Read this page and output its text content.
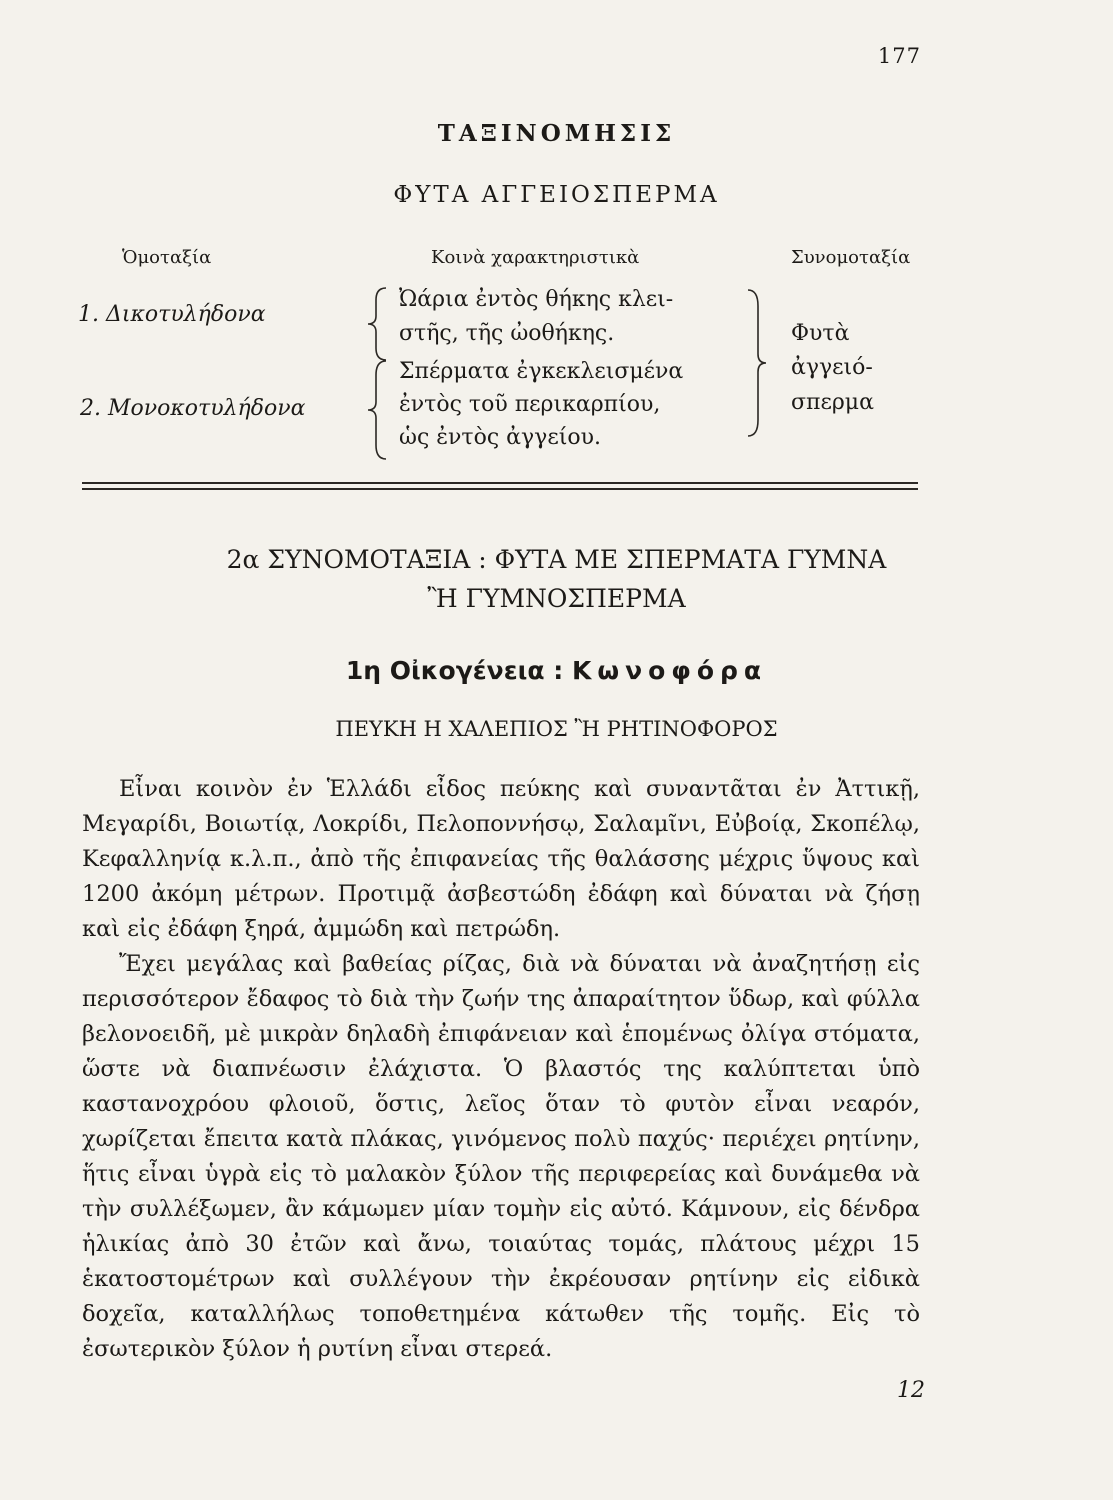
177
ΤΑΞΙΝΟΜΗΣΙΣ
ΦΥΤΑ ΑΓΓΕΙΟΣΠΕΡΜΑ
Ὁμοταξία	Κοινὰ χαρακτηριστικὰ	Συνομοταξία
1. Δικοτυλήδονα
2. Μονοκοτυλήδονα
Ὠάρια ἐντὸς θήκης κλει-
στῆς, τῆς ὠοθήκης.
Σπέρματα ἐγκεκλεισμένα
ἐντὸς τοῦ περικαρπίου,
ὡς ἐντὸς ἀγγείου.
Φυτὰ
ἀγγειό-
σπερμα
2α ΣΥΝΟΜΟΤΑΞΙΑ : ΦΥΤΑ ΜΕ ΣΠΕΡΜΑΤΑ ΓΥΜΝΑ
Ἢ ΓΥΜΝΟΣΠΕΡΜΑ
1η Οἰκογένεια : Κωνοφόρα
ΠΕΥΚΗ Η ΧΑΛΕΠΙΟΣ Ἢ ΡΗΤΙΝΟΦΟΡΟΣ

Εἶναι κοινὸν ἐν Ἑλλάδι εἶδος πεύκης καὶ συναντᾶται ἐν Ἀττικῇ, Μεγαρίδι, Βοιωτίᾳ, Λοκρίδι, Πελοποννήσῳ, Σαλαμῖνι, Εὐβοίᾳ, Σκοπέλῳ, Κεφαλληνίᾳ κ.λ.π., ἀπὸ τῆς ἐπιφανείας τῆς θαλάσσης μέχρις ὕψους καὶ 1200 ἀκόμη μέτρων. Προτιμᾷ ἀσβεστώδη ἐδάφη καὶ δύναται νὰ ζήσῃ καὶ εἰς ἐδάφη ξηρά, ἀμμώδη καὶ πετρώδη.

Ἔχει μεγάλας καὶ βαθείας ρίζας, διὰ νὰ δύναται νὰ ἀναζητήσῃ εἰς περισσότερον ἔδαφος τὸ διὰ τὴν ζωήν της ἀπαραίτητον ὕδωρ, καὶ φύλλα βελονοειδῆ, μὲ μικρὰν δηλαδὴ ἐπιφάνειαν καὶ ἑπομένως ὀλίγα στόματα, ὥστε νὰ διαπνέωσιν ἐλάχιστα. Ὁ βλαστός της καλύπτεται ὑπὸ καστανοχρόου φλοιοῦ, ὅστις, λεῖος ὅταν τὸ φυτὸν εἶναι νεαρόν, χωρίζεται ἔπειτα κατὰ πλάκας, γινόμενος πολὺ παχύς· περιέχει ρητίνην, ἥτις εἶναι ὑγρὰ εἰς τὸ μαλακὸν ξύλον τῆς περιφερείας καὶ δυνάμεθα νὰ τὴν συλλέξωμεν, ἂν κάμωμεν μίαν τομὴν εἰς αὐτό. Κάμνουν, εἰς δένδρα ἡλικίας ἀπὸ 30 ἐτῶν καὶ ἄνω, τοιαύτας τομάς, πλάτους μέχρι 15 ἑκατοστομέτρων καὶ συλλέγουν τὴν ἐκρέουσαν ρητίνην εἰς εἰδικὰ δοχεῖα, καταλλήλως τοποθετημένα κάτωθεν τῆς τομῆς. Εἰς τὸ ἐσωτερικὸν ξύλον ἡ ρυτίνη εἶναι στερεά.

12
